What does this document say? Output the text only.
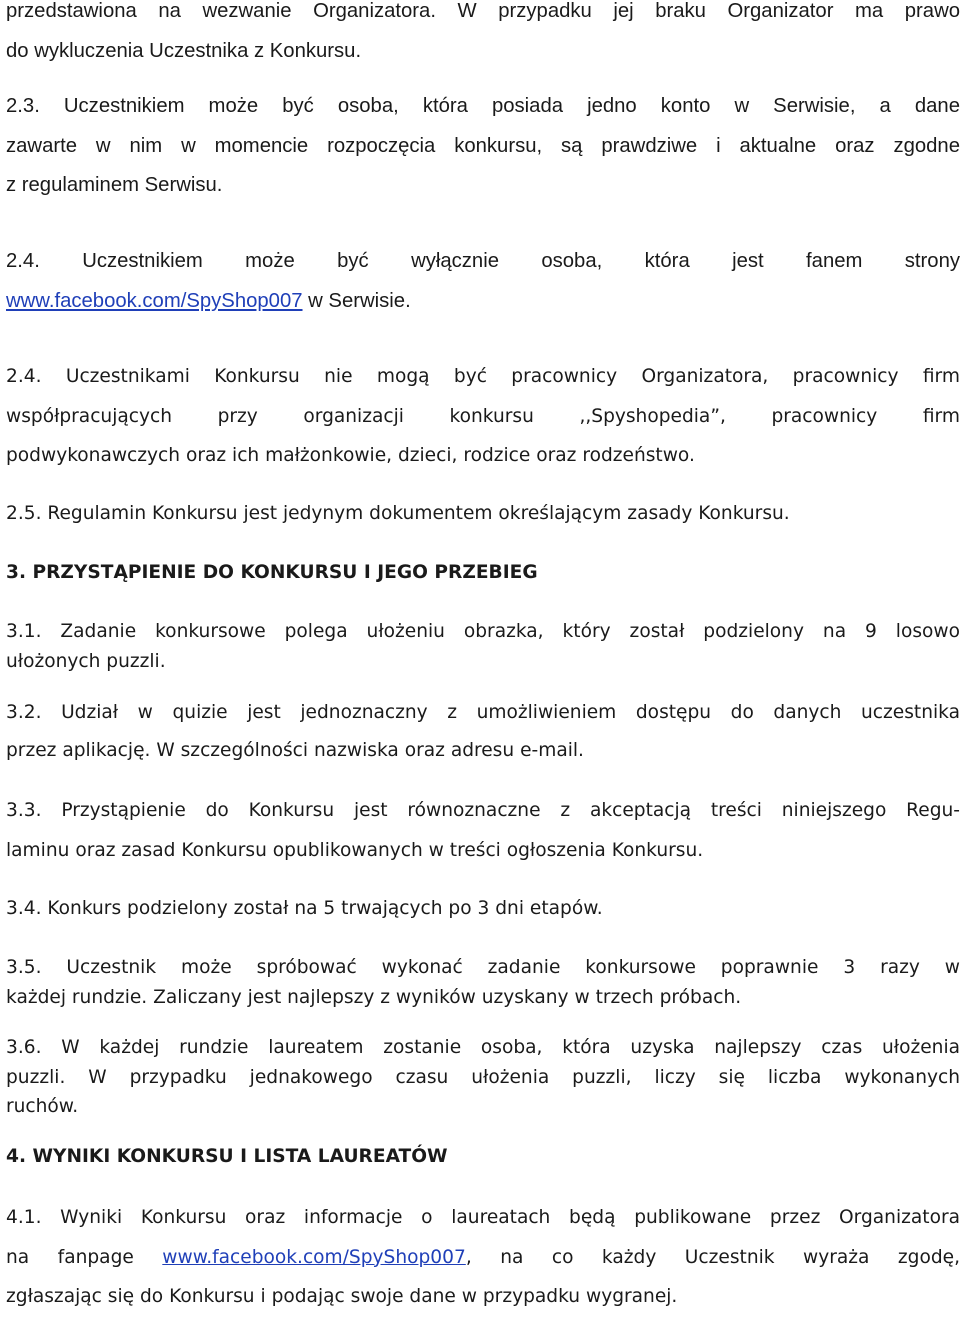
przedstawiona na wezwanie Organizatora. W przypadku jej braku Organizator ma prawo
do wykluczenia Uczestnika z Konkursu.
2.3. Uczestnikiem może być osoba, która posiada jedno konto w Serwisie, a dane
zawarte w nim w momencie rozpoczęcia konkursu, są prawdziwe i aktualne oraz zgodne
z regulaminem Serwisu.
2.4. Uczestnikiem może być wyłącznie osoba, która jest fanem strony
www.facebook.com/SpyShop007 w Serwisie.
2.4. Uczestnikami Konkursu nie mogą być pracownicy Organizatora, pracownicy firm
współpracujących przy organizacji konkursu ,,Spyshopedia”, pracownicy firm
podwykonawczych oraz ich małżonkowie, dzieci, rodzice oraz rodzeństwo.
2.5. Regulamin Konkursu jest jedynym dokumentem określającym zasady Konkursu.
3. PRZYSTĄPIENIE DO KONKURSU I JEGO PRZEBIEG
3.1. Zadanie konkursowe polega ułożeniu obrazka, który został podzielony na 9 losowo
ułożonych puzzli.
3.2. Udział w quizie jest jednoznaczny z umożliwieniem dostępu do danych uczestnika
przez aplikację. W szczególności nazwiska oraz adresu e-mail.
3.3. Przystąpienie do Konkursu jest równoznaczne z akceptacją treści niniejszego Regu-
laminu oraz zasad Konkursu opublikowanych w treści ogłoszenia Konkursu.
3.4. Konkurs podzielony został na 5 trwających po 3 dni etapów.
3.5. Uczestnik może spróbować wykonać zadanie konkursowe poprawnie 3 razy w
każdej rundzie. Zaliczany jest najlepszy z wyników uzyskany w trzech próbach.
3.6. W każdej rundzie laureatem zostanie osoba, która uzyska najlepszy czas ułożenia
puzzli. W przypadku jednakowego czasu ułożenia puzzli, liczy się liczba wykonanych
ruchów.
4. WYNIKI KONKURSU I LISTA LAUREATÓW
4.1. Wyniki Konkursu oraz informacje o laureatach będą publikowane przez Organizatora
na fanpage www.facebook.com/SpyShop007, na co każdy Uczestnik wyraża zgodę,
zgłaszając się do Konkursu i podając swoje dane w przypadku wygranej.
